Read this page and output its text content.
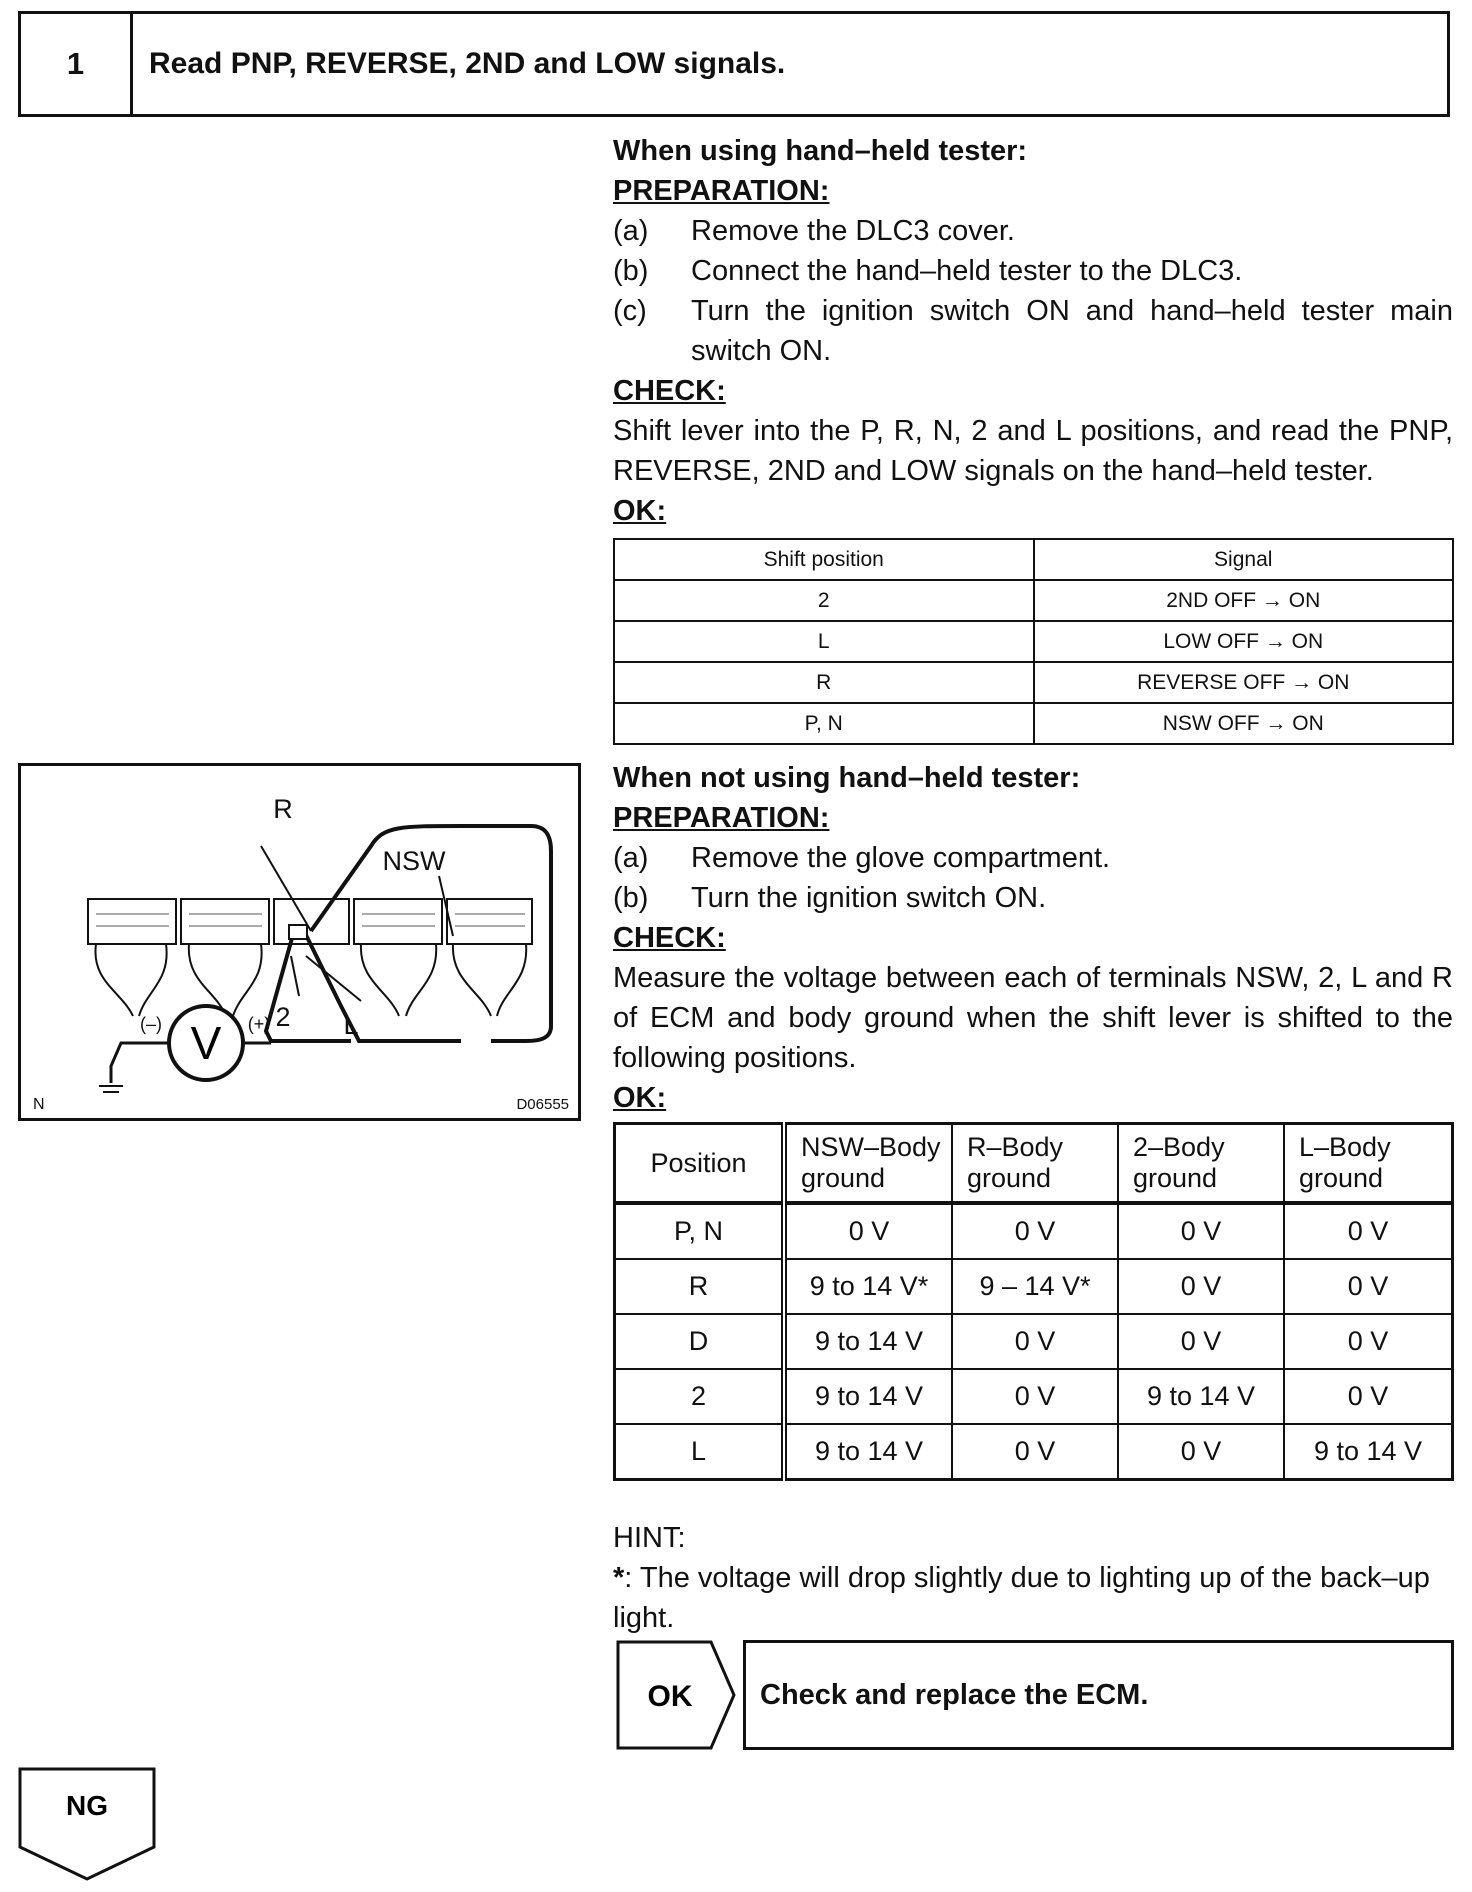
1	Read PNP, REVERSE, 2ND and LOW signals.
When using hand–held tester:
PREPARATION:
(a)	Remove the DLC3 cover.
(b)	Connect the hand–held tester to the DLC3.
(c)	Turn the ignition switch ON and hand–held tester main switch ON.
CHECK:
Shift lever into the P, R, N, 2 and L positions, and read the PNP, REVERSE, 2ND and LOW signals on the hand–held tester.
OK:
Shift position	Signal
2	2ND OFF → ON
L	LOW OFF → ON
R	REVERSE OFF → ON
P, N	NSW OFF → ON
When not using hand–held tester:
PREPARATION:
(a)	Remove the glove compartment.
(b)	Turn the ignition switch ON.
CHECK:
Measure the voltage between each of terminals NSW, 2, L and R of ECM and body ground when the shift lever is shifted to the following positions.
OK:
Position	NSW–Body ground	R–Body ground	2–Body ground	L–Body ground
P, N	0 V	0 V	0 V	0 V
R	9 to 14 V*	9 – 14 V*	0 V	0 V
D	9 to 14 V	0 V	0 V	0 V
2	9 to 14 V	0 V	9 to 14 V	0 V
L	9 to 14 V	0 V	0 V	9 to 14 V
HINT:
*: The voltage will drop slightly due to lighting up of the back–up light.
V
R
NSW
2 L
(–)	(+)
N	D06555
OK	Check and replace the ECM.
NG
